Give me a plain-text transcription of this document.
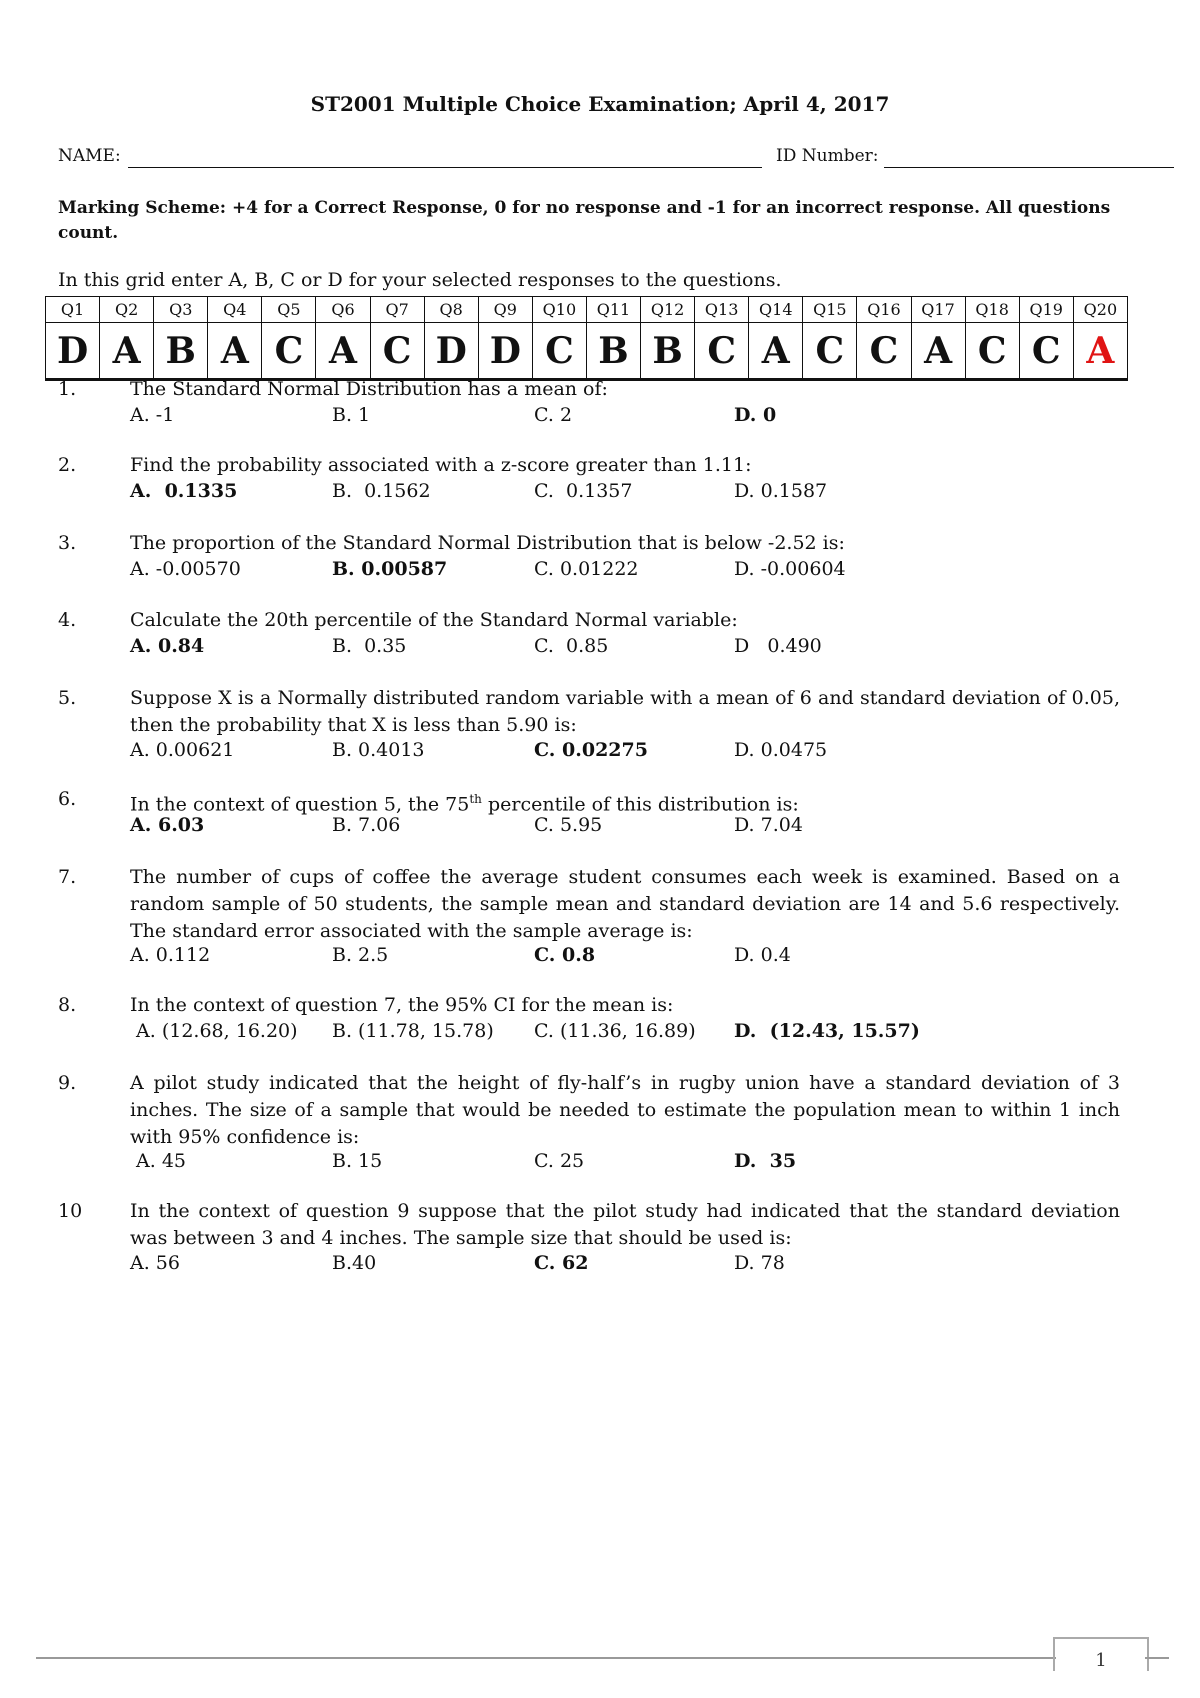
ST2001 Multiple Choice Examination; April 4, 2017
NAME:	ID Number:
Marking Scheme: +4 for a Correct Response, 0 for no response and -1 for an incorrect response. All questions count.
In this grid enter A, B, C or D for your selected responses to the questions.
Q1	Q2	Q3	Q4	Q5	Q6	Q7	Q8	Q9	Q10	Q11	Q12	Q13	Q14	Q15	Q16	Q17	Q18	Q19	Q20
D	A	B	A	C	A	C	D	D	C	B	B	C	A	C	C	A	C	C	A
1.	The Standard Normal Distribution has a mean of:
A. -1	B. 1	C. 2	D. 0
2.	Find the probability associated with a z-score greater than 1.11:
A.  0.1335	B.  0.1562	C.  0.1357	D. 0.1587
3.	The proportion of the Standard Normal Distribution that is below -2.52 is:
A. -0.00570	B. 0.00587	C. 0.01222	D. -0.00604
4.	Calculate the 20th percentile of the Standard Normal variable:
A. 0.84	B.  0.35	C.  0.85	D   0.490
5.	Suppose X is a Normally distributed random variable with a mean of 6 and standard deviation of 0.05, then the probability that X is less than 5.90 is:
A. 0.00621	B. 0.4013	C. 0.02275	D. 0.0475
6.	In the context of question 5, the 75th percentile of this distribution is:
A. 6.03	B. 7.06	C. 5.95	D. 7.04
7.	The number of cups of coffee the average student consumes each week is examined. Based on a random sample of 50 students, the sample mean and standard deviation are 14 and 5.6 respectively. The standard error associated with the sample average is:
A. 0.112	B. 2.5	C. 0.8	D. 0.4
8.	In the context of question 7, the 95% CI for the mean is:
A. (12.68, 16.20) B. (11.78, 15.78) C. (11.36, 16.89) D.  (12.43, 15.57)
9.	A pilot study indicated that the height of fly-half’s in rugby union have a standard deviation of 3 inches. The size of a sample that would be needed to estimate the population mean to within 1 inch with 95% confidence is:
A. 45	B. 15	C. 25	D.  35
10	In the context of question 9 suppose that the pilot study had indicated that the standard deviation was between 3 and 4 inches. The sample size that should be used is:
A. 56	B.40	C. 62	D. 78
1
